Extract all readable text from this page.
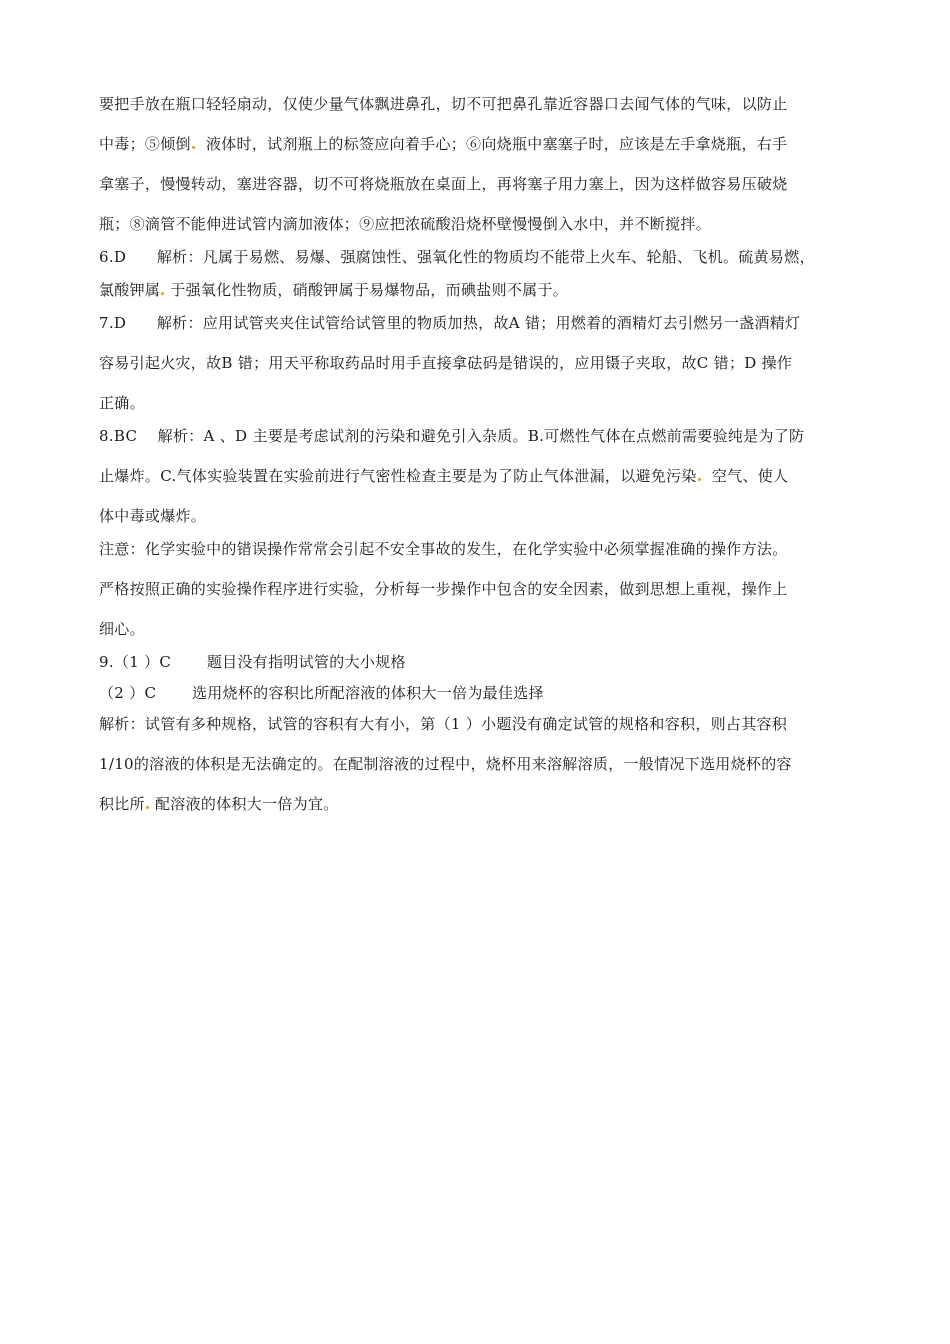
要把手放在瓶口轻轻扇动，仅使少量气体飘进鼻孔，切不可把鼻孔靠近容器口去闻气体的气味，以防止

中毒；⑤倾倒 液体时，试剂瓶上的标签应向着手心；⑥向烧瓶中塞塞子时，应该是左手拿烧瓶，右手

拿塞子，慢慢转动，塞进容器，切不可将烧瓶放在桌面上，再将塞子用力塞上，因为这样做容易压破烧

瓶；⑧滴管不能伸进试管内滴加液体；⑨应把浓硫酸沿烧杯壁慢慢倒入水中，并不断搅拌。

6.D　　解析：凡属于易燃、易爆、强腐蚀性、强氧化性的物质均不能带上火车、轮船、飞机。硫黄易燃，

氯酸钾属 于强氧化性物质，硝酸钾属于易爆物品，而碘盐则不属于。

7.D　　解析：应用试管夹夹住试管给试管里的物质加热，故A 错；用燃着的酒精灯去引燃另一盏酒精灯

容易引起火灾，故B 错；用天平称取药品时用手直接拿砝码是错误的，应用镊子夹取，故C 错；D 操作

正确。

8.BC　 解析：A 、D 主要是考虑试剂的污染和避免引入杂质。B.可燃性气体在点燃前需要验纯是为了防

止爆炸。C.气体实验装置在实验前进行气密性检查主要是为了防止气体泄漏，以避免污染 空气、使人

体中毒或爆炸。

注意：化学实验中的错误操作常常会引起不安全事故的发生，在化学实验中必须掌握准确的操作方法。

严格按照正确的实验操作程序进行实验，分析每一步操作中包含的安全因素，做到思想上重视，操作上

细心。

9.（1 ）C　　 题目没有指明试管的大小规格

（2 ）C　　 选用烧杯的容积比所配溶液的体积大一倍为最佳选择

解析：试管有多种规格，试管的容积有大有小，第（1 ）小题没有确定试管的规格和容积，则占其容积

1/10的溶液的体积是无法确定的。在配制溶液的过程中，烧杯用来溶解溶质，一般情况下选用烧杯的容

积比所 配溶液的体积大一倍为宜。
